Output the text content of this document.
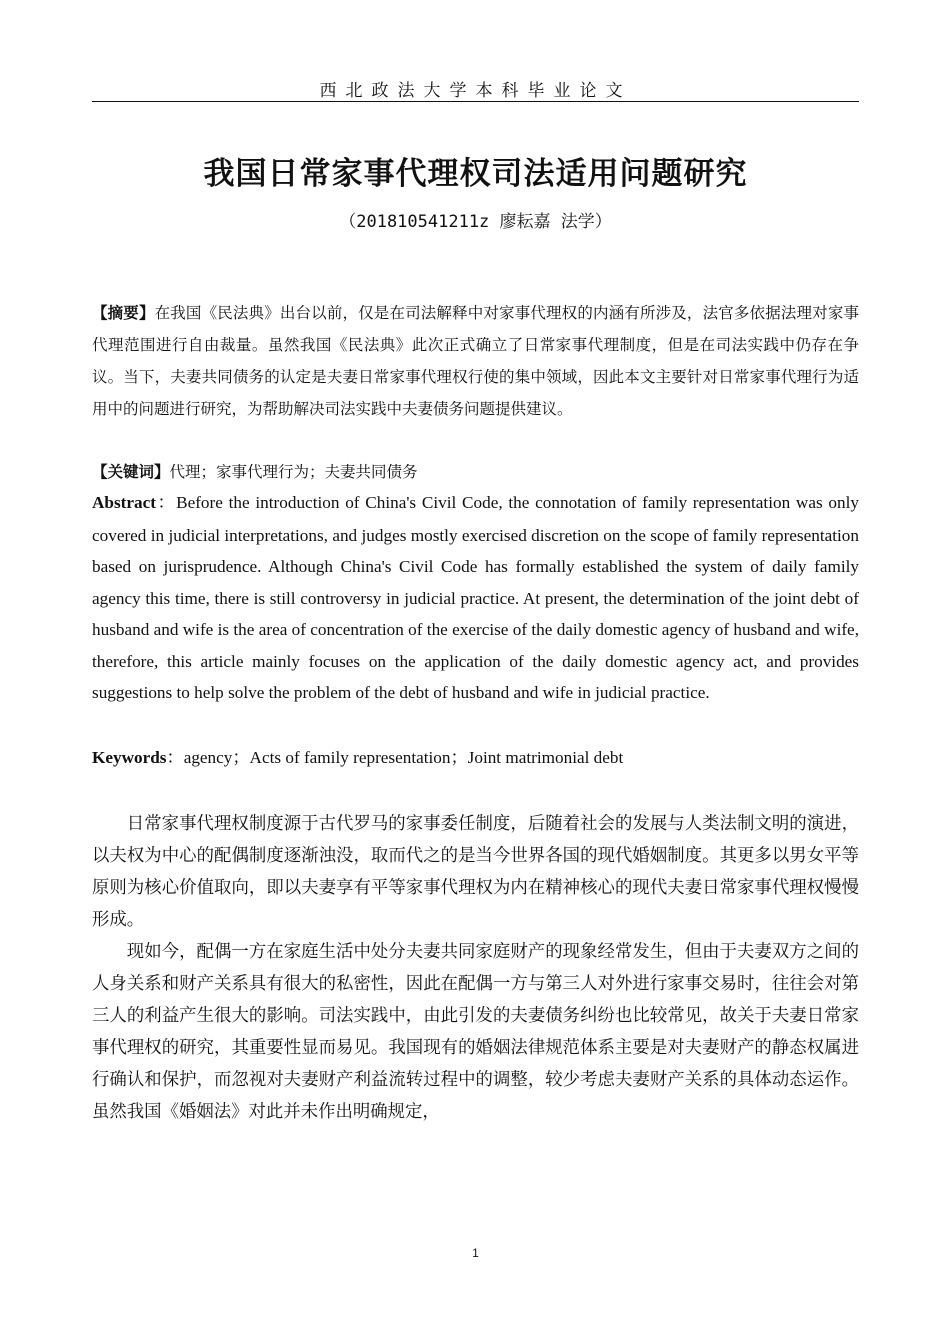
西北政法大学本科毕业论文
我国日常家事代理权司法适用问题研究
（201810541211z 廖耘嘉 法学）

【摘要】在我国《民法典》出台以前，仅是在司法解释中对家事代理权的内涵有所涉及，法官多依据法理对家事代理范围进行自由裁量。虽然我国《民法典》此次正式确立了日常家事代理制度，但是在司法实践中仍存在争议。当下，夫妻共同债务的认定是夫妻日常家事代理权行使的集中领域，因此本文主要针对日常家事代理行为适用中的问题进行研究，为帮助解决司法实践中夫妻债务问题提供建议。

【关键词】代理；家事代理行为；夫妻共同债务

Abstract：Before the introduction of China's Civil Code, the connotation of family representation was only covered in judicial interpretations, and judges mostly exercised discretion on the scope of family representation based on jurisprudence. Although China's Civil Code has formally established the system of daily family agency this time, there is still controversy in judicial practice. At present, the determination of the joint debt of husband and wife is the area of concentration of the exercise of the daily domestic agency of husband and wife, therefore, this article mainly focuses on the application of the daily domestic agency act, and provides suggestions to help solve the problem of the debt of husband and wife in judicial practice.

Keywords：agency；Acts of family representation；Joint matrimonial debt

日常家事代理权制度源于古代罗马的家事委任制度，后随着社会的发展与人类法制文明的演进，以夫权为中心的配偶制度逐渐浊没，取而代之的是当今世界各国的现代婚姻制度。其更多以男女平等原则为核心价值取向，即以夫妻享有平等家事代理权为内在精神核心的现代夫妻日常家事代理权慢慢形成。

现如今，配偶一方在家庭生活中处分夫妻共同家庭财产的现象经常发生，但由于夫妻双方之间的人身关系和财产关系具有很大的私密性，因此在配偶一方与第三人对外进行家事交易时，往往会对第三人的利益产生很大的影响。司法实践中，由此引发的夫妻债务纠纷也比较常见，故关于夫妻日常家事代理权的研究，其重要性显而易见。我国现有的婚姻法律规范体系主要是对夫妻财产的静态权属进行确认和保护，而忽视对夫妻财产利益流转过程中的调整，较少考虑夫妻财产关系的具体动态运作。虽然我国《婚姻法》对此并未作出明确规定，

1
